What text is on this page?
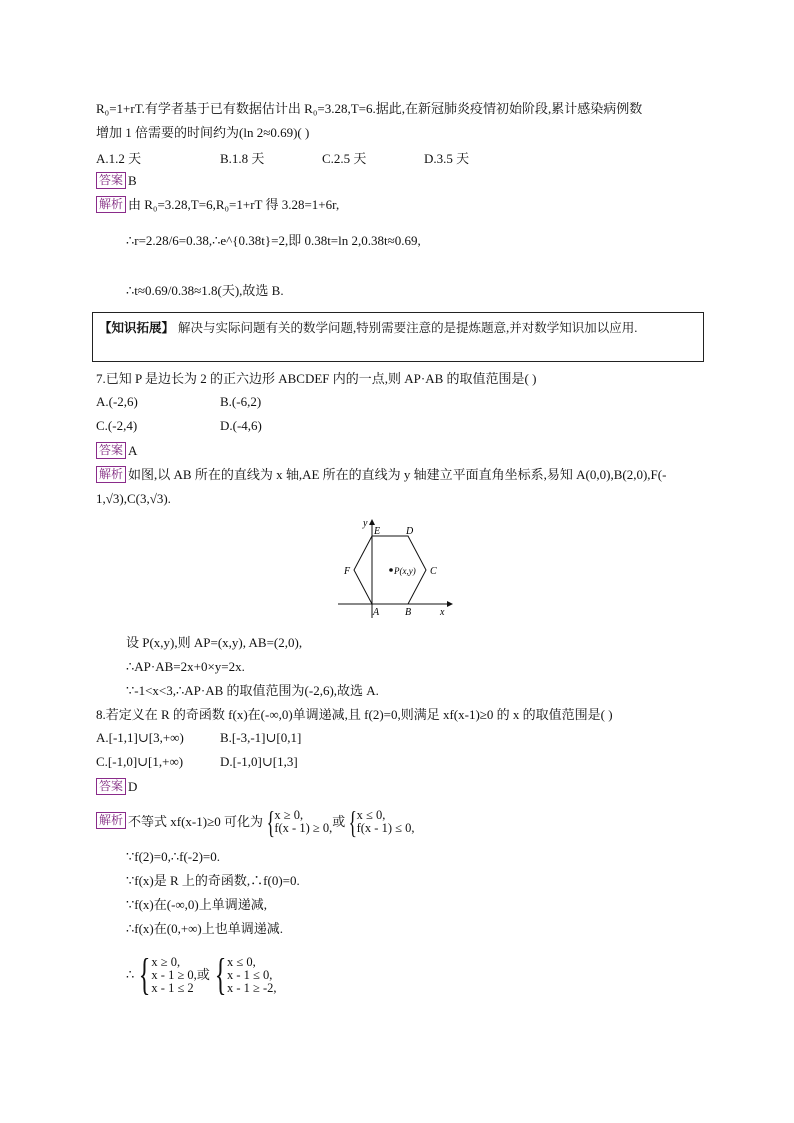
R₀=1+rT.有学者基于已有数据估计出 R₀=3.28,T=6.据此,在新冠肺炎疫情初始阶段,累计感染病例数
增加 1 倍需要的时间约为(ln 2≈0.69)( )
A.1.2 天	B.1.8 天	C.2.5 天	D.3.5 天
答案 B
解析 由 R₀=3.28,T=6,R₀=1+rT 得 3.28=1+6r,
∴r=2.28/6=0.38,∴e^{0.38t}=2,即 0.38t=ln 2,0.38t≈0.69,
∴t≈0.69/0.38≈1.8(天),故选 B.
【知识拓展】 解决与实际问题有关的数学问题,特别需要注意的是提炼题意,并对数学知识加以应用.
7.已知 P 是边长为 2 的正六边形 ABCDEF 内的一点,则 AP·AB 的取值范围是( )
A.(-2,6)	B.(-6,2)
C.(-2,4)	D.(-4,6)
答案 A
解析 如图,以 AB 所在的直线为 x 轴,AE 所在的直线为 y 轴建立平面直角坐标系,易知 A(0,0),B(2,0),F(-
1,√3),C(3,√3).
y
E	D
F	C
P(x,y)
A	B	x
设 P(x,y),则 AP=(x,y), AB=(2,0),
∴AP·AB=2x+0×y=2x.
∵-1<x<3,∴AP·AB 的取值范围为(-2,6),故选 A.
8.若定义在 R 的奇函数 f(x)在(-∞,0)单调递减,且 f(2)=0,则满足 xf(x-1)≥0 的 x 的取值范围是( )
A.[-1,1]∪[3,+∞)	B.[-3,-1]∪[0,1]
C.[-1,0]∪[1,+∞)	D.[-1,0]∪[1,3]
答案 D
解析 不等式 xf(x-1)≥0 可化为 {x ≥ 0,
f(x - 1) ≥ 0,或 {x ≤ 0,
f(x - 1) ≤ 0,
∵f(2)=0,∴f(-2)=0.
∵f(x)是 R 上的奇函数,∴f(0)=0.
∵f(x)在(-∞,0)上单调递减,
∴f(x)在(0,+∞)上也单调递减.
∴ {x ≥ 0,
x - 1 ≥ 0,
x - 1 ≤ 2或 {x ≤ 0,
x - 1 ≤ 0,
x - 1 ≥ -2,
